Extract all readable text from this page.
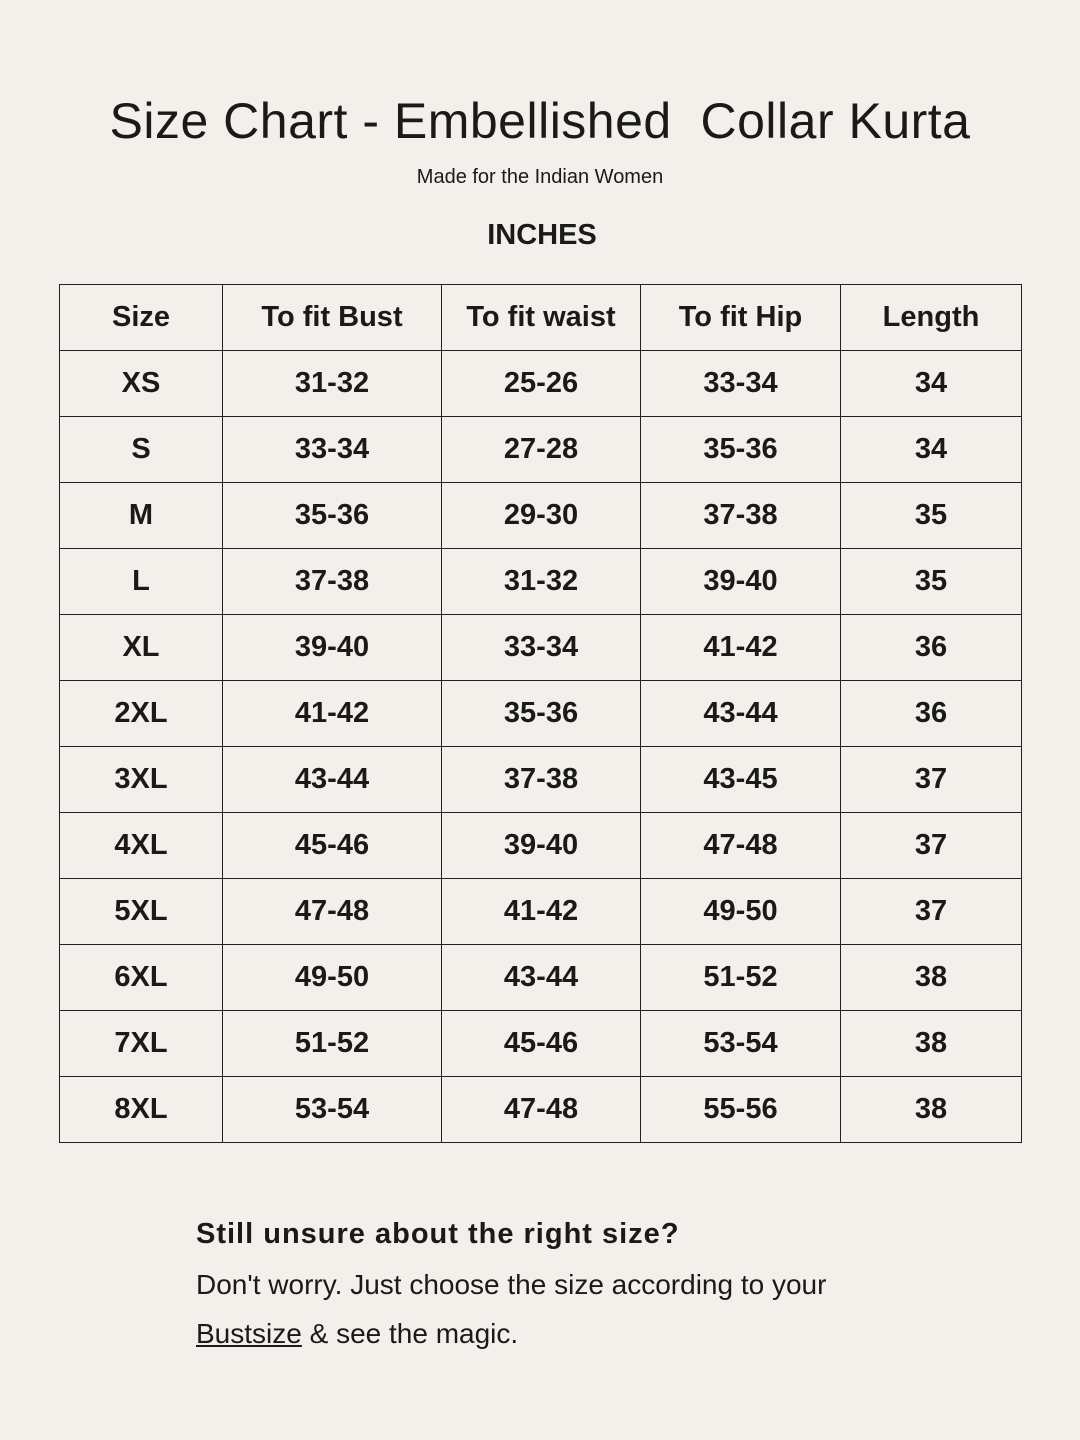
Size Chart - Embellished  Collar Kurta
Made for the Indian Women
INCHES
Size	To fit Bust	To fit waist	To fit Hip	Length
XS	31-32	25-26	33-34	34
S	33-34	27-28	35-36	34
M	35-36	29-30	37-38	35
L	37-38	31-32	39-40	35
XL	39-40	33-34	41-42	36
2XL	41-42	35-36	43-44	36
3XL	43-44	37-38	43-45	37
4XL	45-46	39-40	47-48	37
5XL	47-48	41-42	49-50	37
6XL	49-50	43-44	51-52	38
7XL	51-52	45-46	53-54	38
8XL	53-54	47-48	55-56	38

Still unsure about the right size?

Don't worry. Just choose the size according to your
Bustsize & see the magic.
